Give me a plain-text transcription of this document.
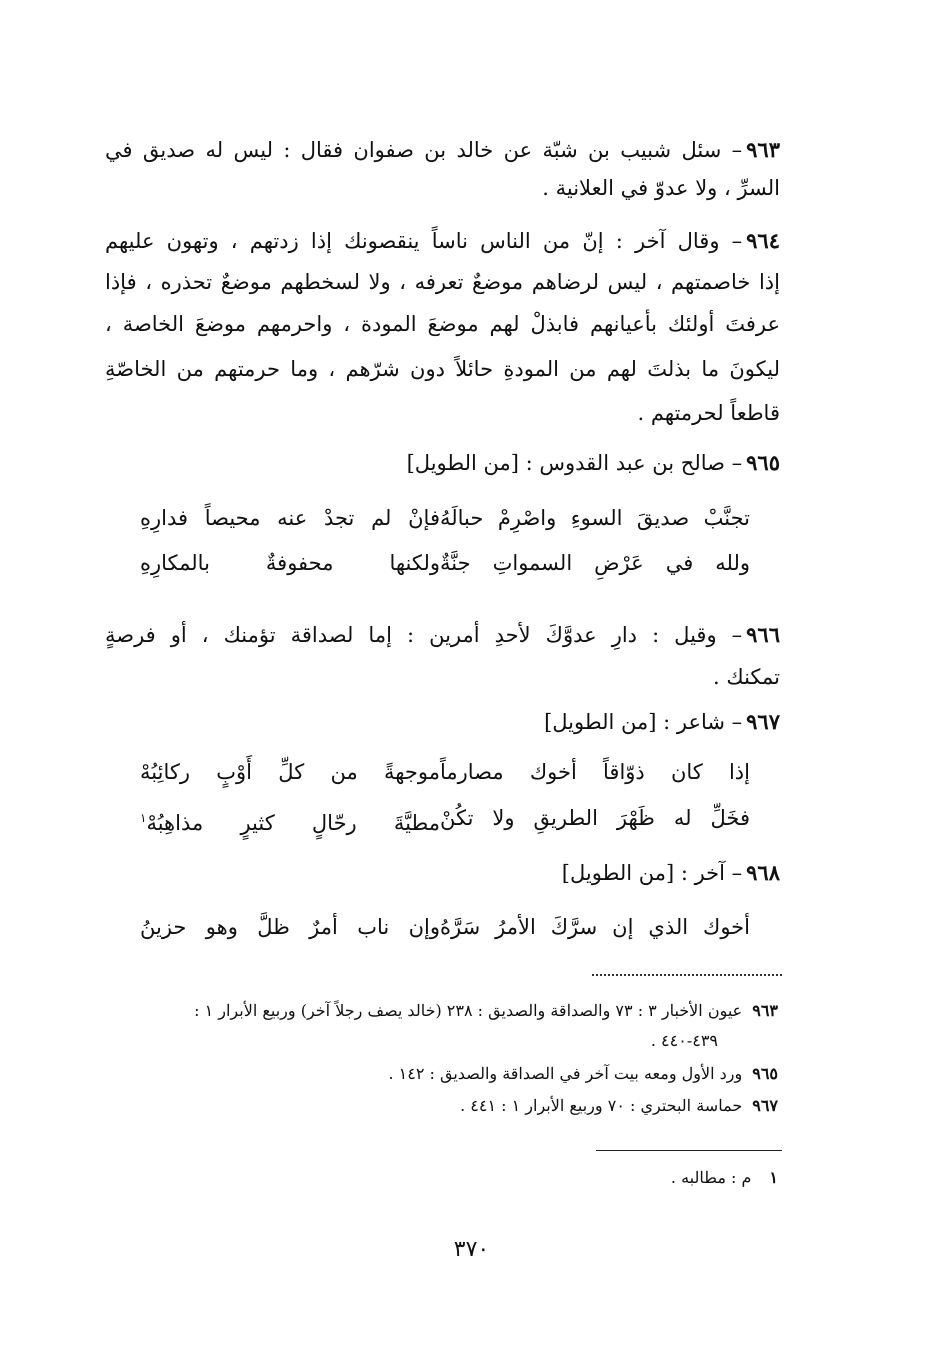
٩٦٣– سئل شبيب بن شبّة عن خالد بن صفوان فقال : ليس له صديق في
السرِّ ، ولا عدوّ في العلانية .
٩٦٤– وقال آخر : إنّ من الناس ناساً ينقصونك إذا زدتهم ، وتهون عليهم
إذا خاصمتهم ، ليس لرضاهم موضعٌ تعرفه ، ولا لسخطهم موضعٌ تحذره ، فإذا
عرفتَ أولئك بأعيانهم فابذلْ لهم موضعَ المودة ، واحرمهم موضعَ الخاصة ،
ليكونَ ما بذلتَ لهم من المودةِ حائلاً دون شرّهم ، وما حرمتهم من الخاصّةِ
قاطعاً لحرمتهم .
٩٦٥– صالح بن عبد القدوس : [من الطويل]
تجنَّبْ صديقَ السوءِ واصْرِمْ حبالَهُ
فإنْ لم تجدْ عنه محيصاً فدارِهِ
ولله في عَرْضِ السمواتِ جنَّةٌ
ولكنها محفوفةٌ بالمكارِهِ
٩٦٦– وقيل : دارِ عدوَّكَ لأحدِ أمرين : إما لصداقة تؤمنك ، أو فرصةٍ
تمكنك .
٩٦٧– شاعر : [من الطويل]
إذا كان ذوّاقاً أخوك مصارماً
موجهةً من كلِّ أَوْبٍ ركائِبُهْ
فخَلِّ له ظَهْرَ الطريقِ ولا تكُنْ
مطيَّةَ رحّالٍ كثيرٍ مذاهِبُهْ$^١$
٩٦٨– آخر : [من الطويل]
أخوك الذي إن سرَّكَ الأمرُ سَرَّهُ
وإن ناب أمرٌ ظلَّ وهو حزينُ
٩٦٣عيون الأخبار ٣ : ٧٣ والصداقة والصديق : ٢٣٨ (خالد يصف رجلاً آخر) وربيع الأبرار ١ :
٤٣٩-٤٤٠ .
٩٦٥ورد الأول ومعه بيت آخر في الصداقة والصديق : ١٤٢ .
٩٦٧حماسة البحتري : ٧٠ وربيع الأبرار ١ : ٤٤١ .
١م : مطالبه .
٣٧٠
